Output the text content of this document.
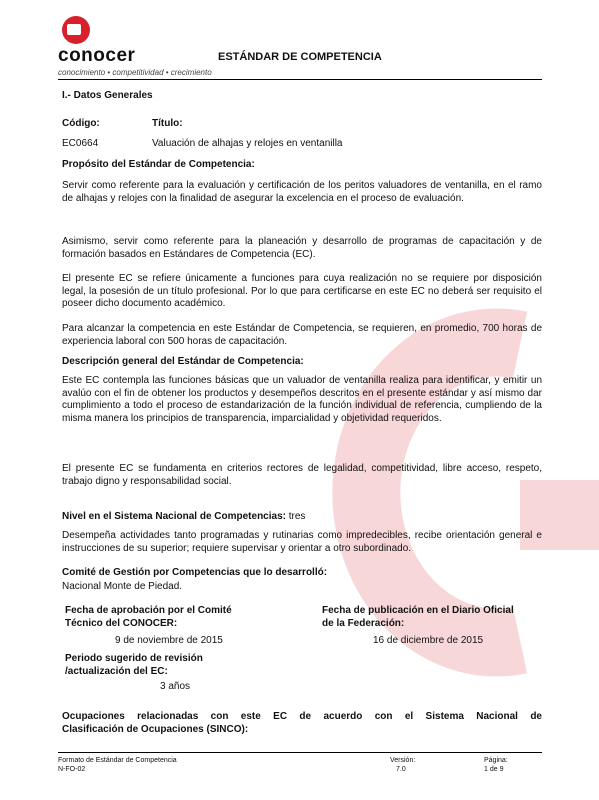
conocer
conocimiento • competitividad • crecimiento
ESTÁNDAR DE COMPETENCIA
I.- Datos Generales
Código:	Título:
EC0664	Valuación de alhajas y relojes en ventanilla
Propósito del Estándar de Competencia:
Servir como referente para la evaluación y certificación de los peritos valuadores de ventanilla, en el ramo de alhajas y relojes con la finalidad de asegurar la excelencia en el proceso de evaluación.
Asimismo, servir como referente para la planeación y desarrollo de programas de capacitación y de formación basados en Estándares de Competencia (EC).
El presente EC se refiere únicamente a funciones para cuya realización no se requiere por disposición legal, la posesión de un título profesional. Por lo que para certificarse en este EC no deberá ser requisito el poseer dicho documento académico.
Para alcanzar la competencia en este Estándar de Competencia, se requieren, en promedio, 700 horas de experiencia laboral con 500 horas de capacitación.
Descripción general del Estándar de Competencia:
Este EC contempla las funciones básicas que un valuador de ventanilla realiza para identificar, y emitir un avalúo con el fin de obtener los productos y desempeños descritos en el presente estándar y así mismo dar cumplimiento a todo el proceso de estandarización de la función individual de referencia, cumpliendo de la misma manera los principios de transparencia, imparcialidad y objetividad requeridos.
El presente EC se fundamenta en criterios rectores de legalidad, competitividad, libre acceso, respeto, trabajo digno y responsabilidad social.
Nivel en el Sistema Nacional de Competencias: tres
Desempeña actividades tanto programadas y rutinarias como impredecibles, recibe orientación general e instrucciones de su superior; requiere supervisar y orientar a otro subordinado.
Comité de Gestión por Competencias que lo desarrolló:
Nacional Monte de Piedad.
Fecha de aprobación por el Comité
Técnico del CONOCER:
9 de noviembre de 2015
Fecha de publicación en el Diario Oficial
de la Federación:
16 de diciembre de 2015
Periodo sugerido de revisión
/actualización del EC:
3 años
Ocupaciones relacionadas con este EC de acuerdo con el Sistema Nacional de
Clasificación de Ocupaciones (SINCO):
Formato de Estándar de Competencia
N-FO-02
Versión:
7.0
Página:
1 de 9
